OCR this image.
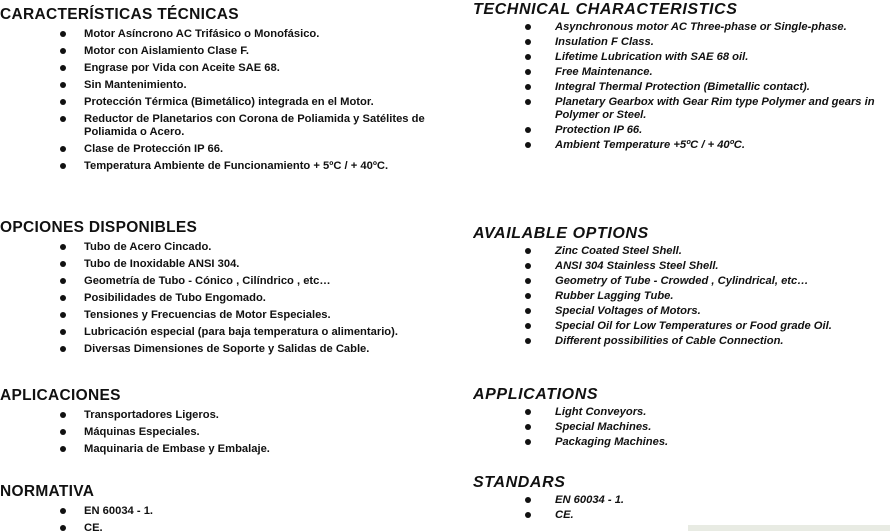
CARACTERÍSTICAS TÉCNICAS
Motor Asíncrono AC Trifásico o Monofásico.
Motor con Aislamiento Clase F.
Engrase por Vida con Aceite SAE 68.
Sin Mantenimiento.
Protección Térmica (Bimetálico) integrada en el Motor.
Reductor de Planetarios con Corona de Poliamida y Satélites de Poliamida o Acero.
Clase de Protección IP 66.
Temperatura Ambiente de Funcionamiento + 5ºC / + 40ºC.
OPCIONES DISPONIBLES
Tubo de Acero Cincado.
Tubo de Inoxidable ANSI 304.
Geometría de Tubo - Cónico , Cilíndrico , etc…
Posibilidades de Tubo Engomado.
Tensiones y Frecuencias de Motor Especiales.
Lubricación especial (para baja temperatura o alimentario).
Diversas Dimensiones de Soporte y Salidas de Cable.
APLICACIONES
Transportadores Ligeros.
Máquinas Especiales.
Maquinaria de Embase y Embalaje.
NORMATIVA
EN 60034 - 1.
CE.
TECHNICAL CHARACTERISTICS
Asynchronous motor AC Three-phase or Single-phase.
Insulation F Class.
Lifetime Lubrication with SAE 68 oil.
Free Maintenance.
Integral Thermal Protection (Bimetallic contact).
Planetary Gearbox with Gear Rim type Polymer and gears in Polymer or Steel.
Protection IP 66.
Ambient Temperature +5ºC / + 40ºC.
AVAILABLE OPTIONS
Zinc Coated Steel Shell.
ANSI 304 Stainless Steel Shell.
Geometry of Tube - Crowded , Cylindrical, etc…
Rubber Lagging Tube.
Special Voltages of Motors.
Special Oil for Low Temperatures or Food grade Oil.
Different possibilities of Cable Connection.
APPLICATIONS
Light Conveyors.
Special Machines.
Packaging Machines.
STANDARS
EN 60034 - 1.
CE.
